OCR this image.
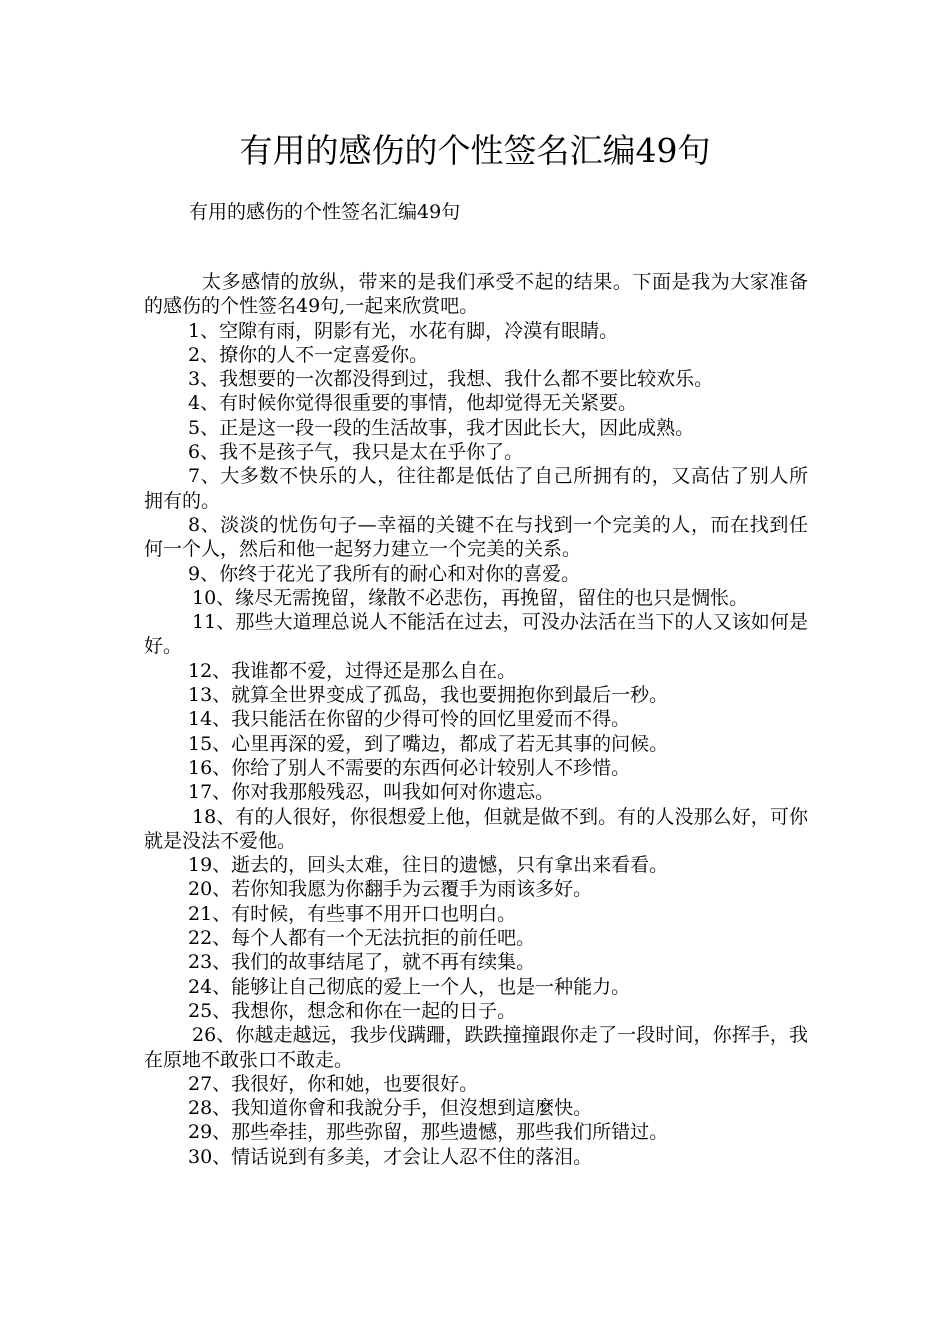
有用的感伤的个性签名汇编49句
有用的感伤的个性签名汇编49句

太多感情的放纵，带来的是我们承受不起的结果。下面是我为大家准备的感伤的个性签名49句,一起来欣赏吧。

1、空隙有雨，阴影有光，水花有脚，冷漠有眼睛。

2、撩你的人不一定喜爱你。

3、我想要的一次都没得到过，我想、我什么都不要比较欢乐。

4、有时候你觉得很重要的事情，他却觉得无关紧要。

5、正是这一段一段的生活故事，我才因此长大，因此成熟。

6、我不是孩子气，我只是太在乎你了。

7、大多数不快乐的人，往往都是低估了自己所拥有的，又高估了别人所拥有的。

8、淡淡的忧伤句子—幸福的关键不在与找到一个完美的人，而在找到任何一个人，然后和他一起努力建立一个完美的关系。

9、你终于花光了我所有的耐心和对你的喜爱。

10、缘尽无需挽留，缘散不必悲伤，再挽留，留住的也只是惆怅。

11、那些大道理总说人不能活在过去，可没办法活在当下的人又该如何是好。

12、我谁都不爱，过得还是那么自在。

13、就算全世界变成了孤岛，我也要拥抱你到最后一秒。

14、我只能活在你留的少得可怜的回忆里爱而不得。

15、心里再深的爱，到了嘴边，都成了若无其事的问候。

16、你给了别人不需要的东西何必计较别人不珍惜。

17、你对我那般残忍，叫我如何对你遗忘。

18、有的人很好，你很想爱上他，但就是做不到。有的人没那么好，可你就是没法不爱他。

19、逝去的，回头太难，往日的遗憾，只有拿出来看看。

20、若你知我愿为你翻手为云覆手为雨该多好。

21、有时候，有些事不用开口也明白。

22、每个人都有一个无法抗拒的前任吧。

23、我们的故事结尾了，就不再有续集。

24、能够让自己彻底的爱上一个人，也是一种能力。

25、我想你，想念和你在一起的日子。

26、你越走越远，我步伐蹒跚，跌跌撞撞跟你走了一段时间，你挥手，我在原地不敢张口不敢走。

27、我很好，你和她，也要很好。

28、我知道你會和我說分手，但沒想到這麼快。

29、那些牵挂，那些弥留，那些遗憾，那些我们所错过。

30、情话说到有多美，才会让人忍不住的落泪。
